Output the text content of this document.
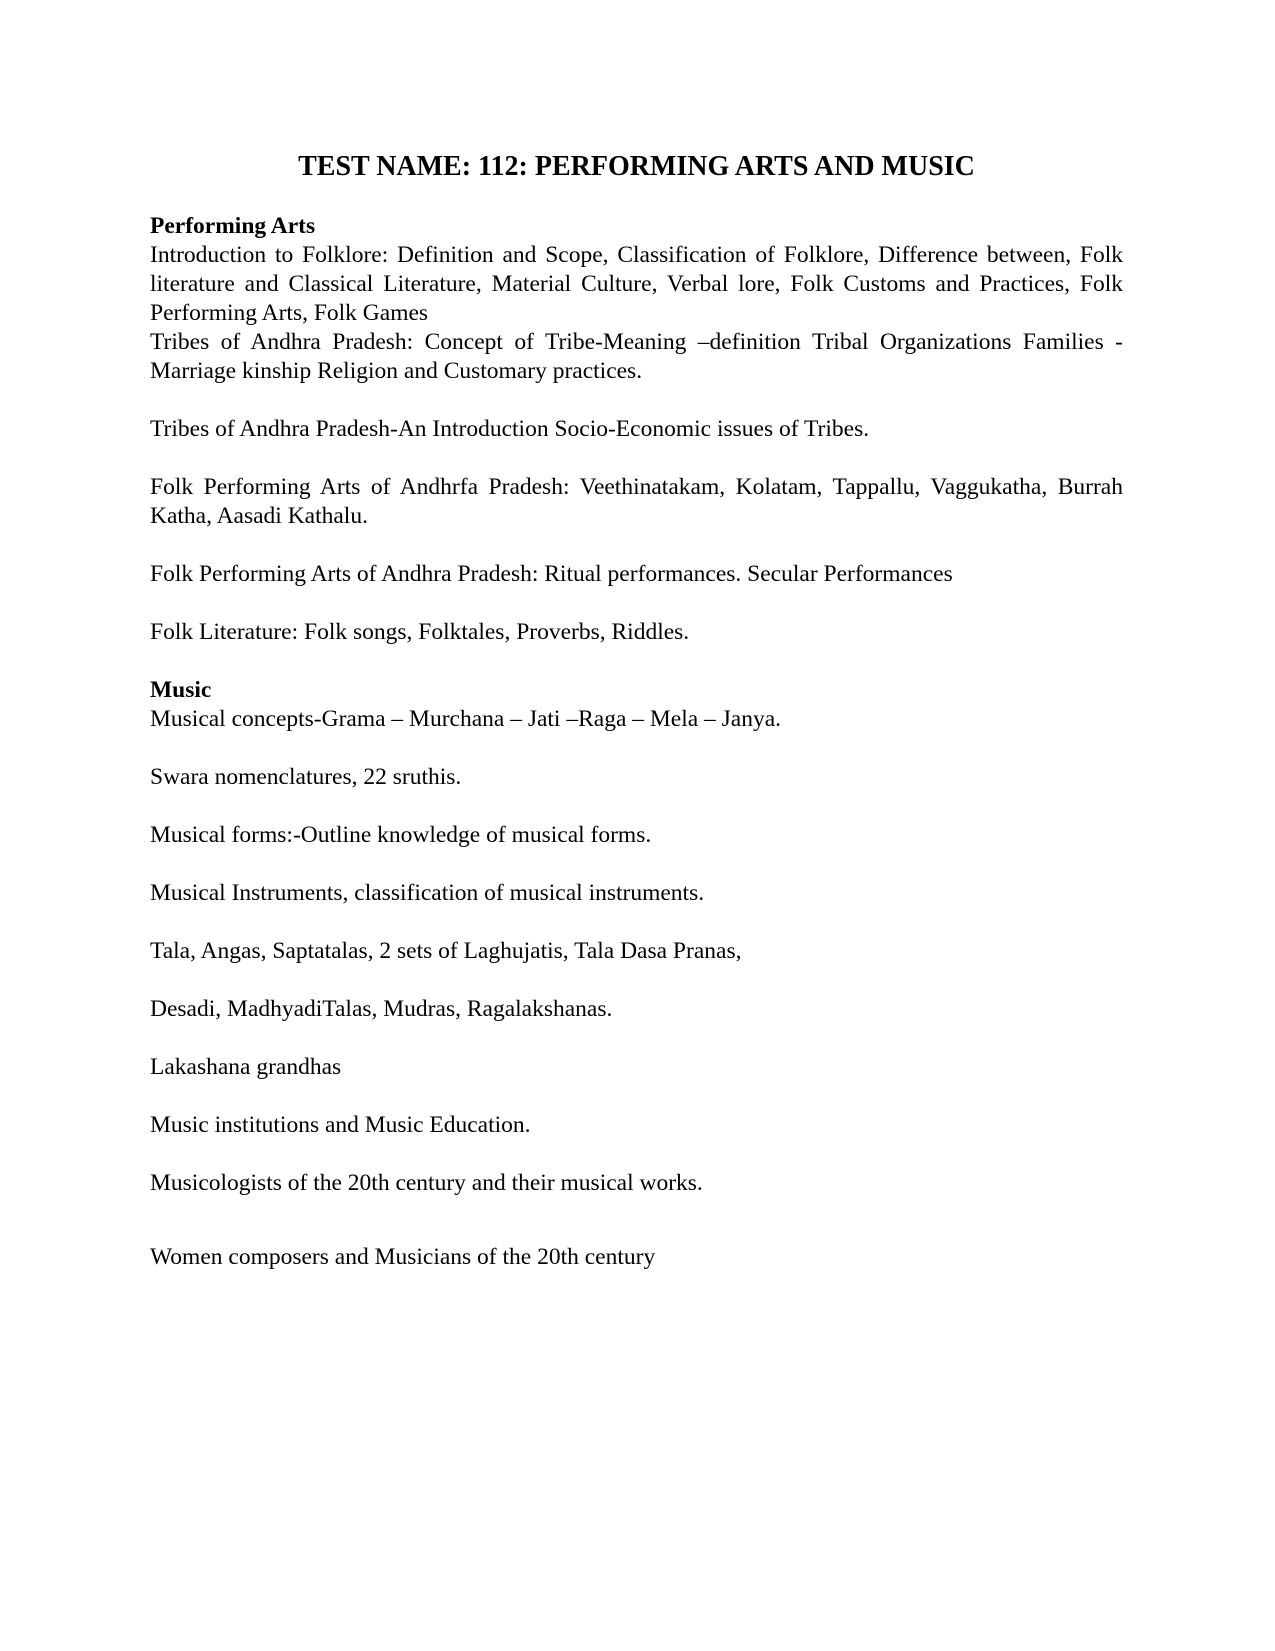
TEST NAME: 112: PERFORMING ARTS AND MUSIC

Performing Arts

Introduction to Folklore: Definition and Scope, Classification of Folklore, Difference between, Folk literature and Classical Literature, Material Culture, Verbal lore, Folk Customs and Practices, Folk Performing Arts, Folk Games

Tribes of Andhra Pradesh: Concept of Tribe-Meaning –definition Tribal Organizations Families - Marriage kinship Religion and Customary practices.

Tribes of Andhra Pradesh-An Introduction Socio-Economic issues of Tribes.

Folk Performing Arts of Andhrfa Pradesh: Veethinatakam, Kolatam, Tappallu, Vaggukatha, Burrah Katha, Aasadi Kathalu.

Folk Performing Arts of Andhra Pradesh: Ritual performances. Secular Performances

Folk Literature: Folk songs, Folktales, Proverbs, Riddles.

Music

Musical concepts-Grama – Murchana – Jati –Raga – Mela – Janya.

Swara nomenclatures, 22 sruthis.

Musical forms:-Outline knowledge of musical forms.

Musical Instruments, classification of musical instruments.

Tala, Angas, Saptatalas, 2 sets of Laghujatis, Tala Dasa Pranas,

Desadi, MadhyadiTalas, Mudras, Ragalakshanas.

Lakashana grandhas

Music institutions and Music Education.

Musicologists of the 20th century and their musical works.

Women composers and Musicians of the 20th century
